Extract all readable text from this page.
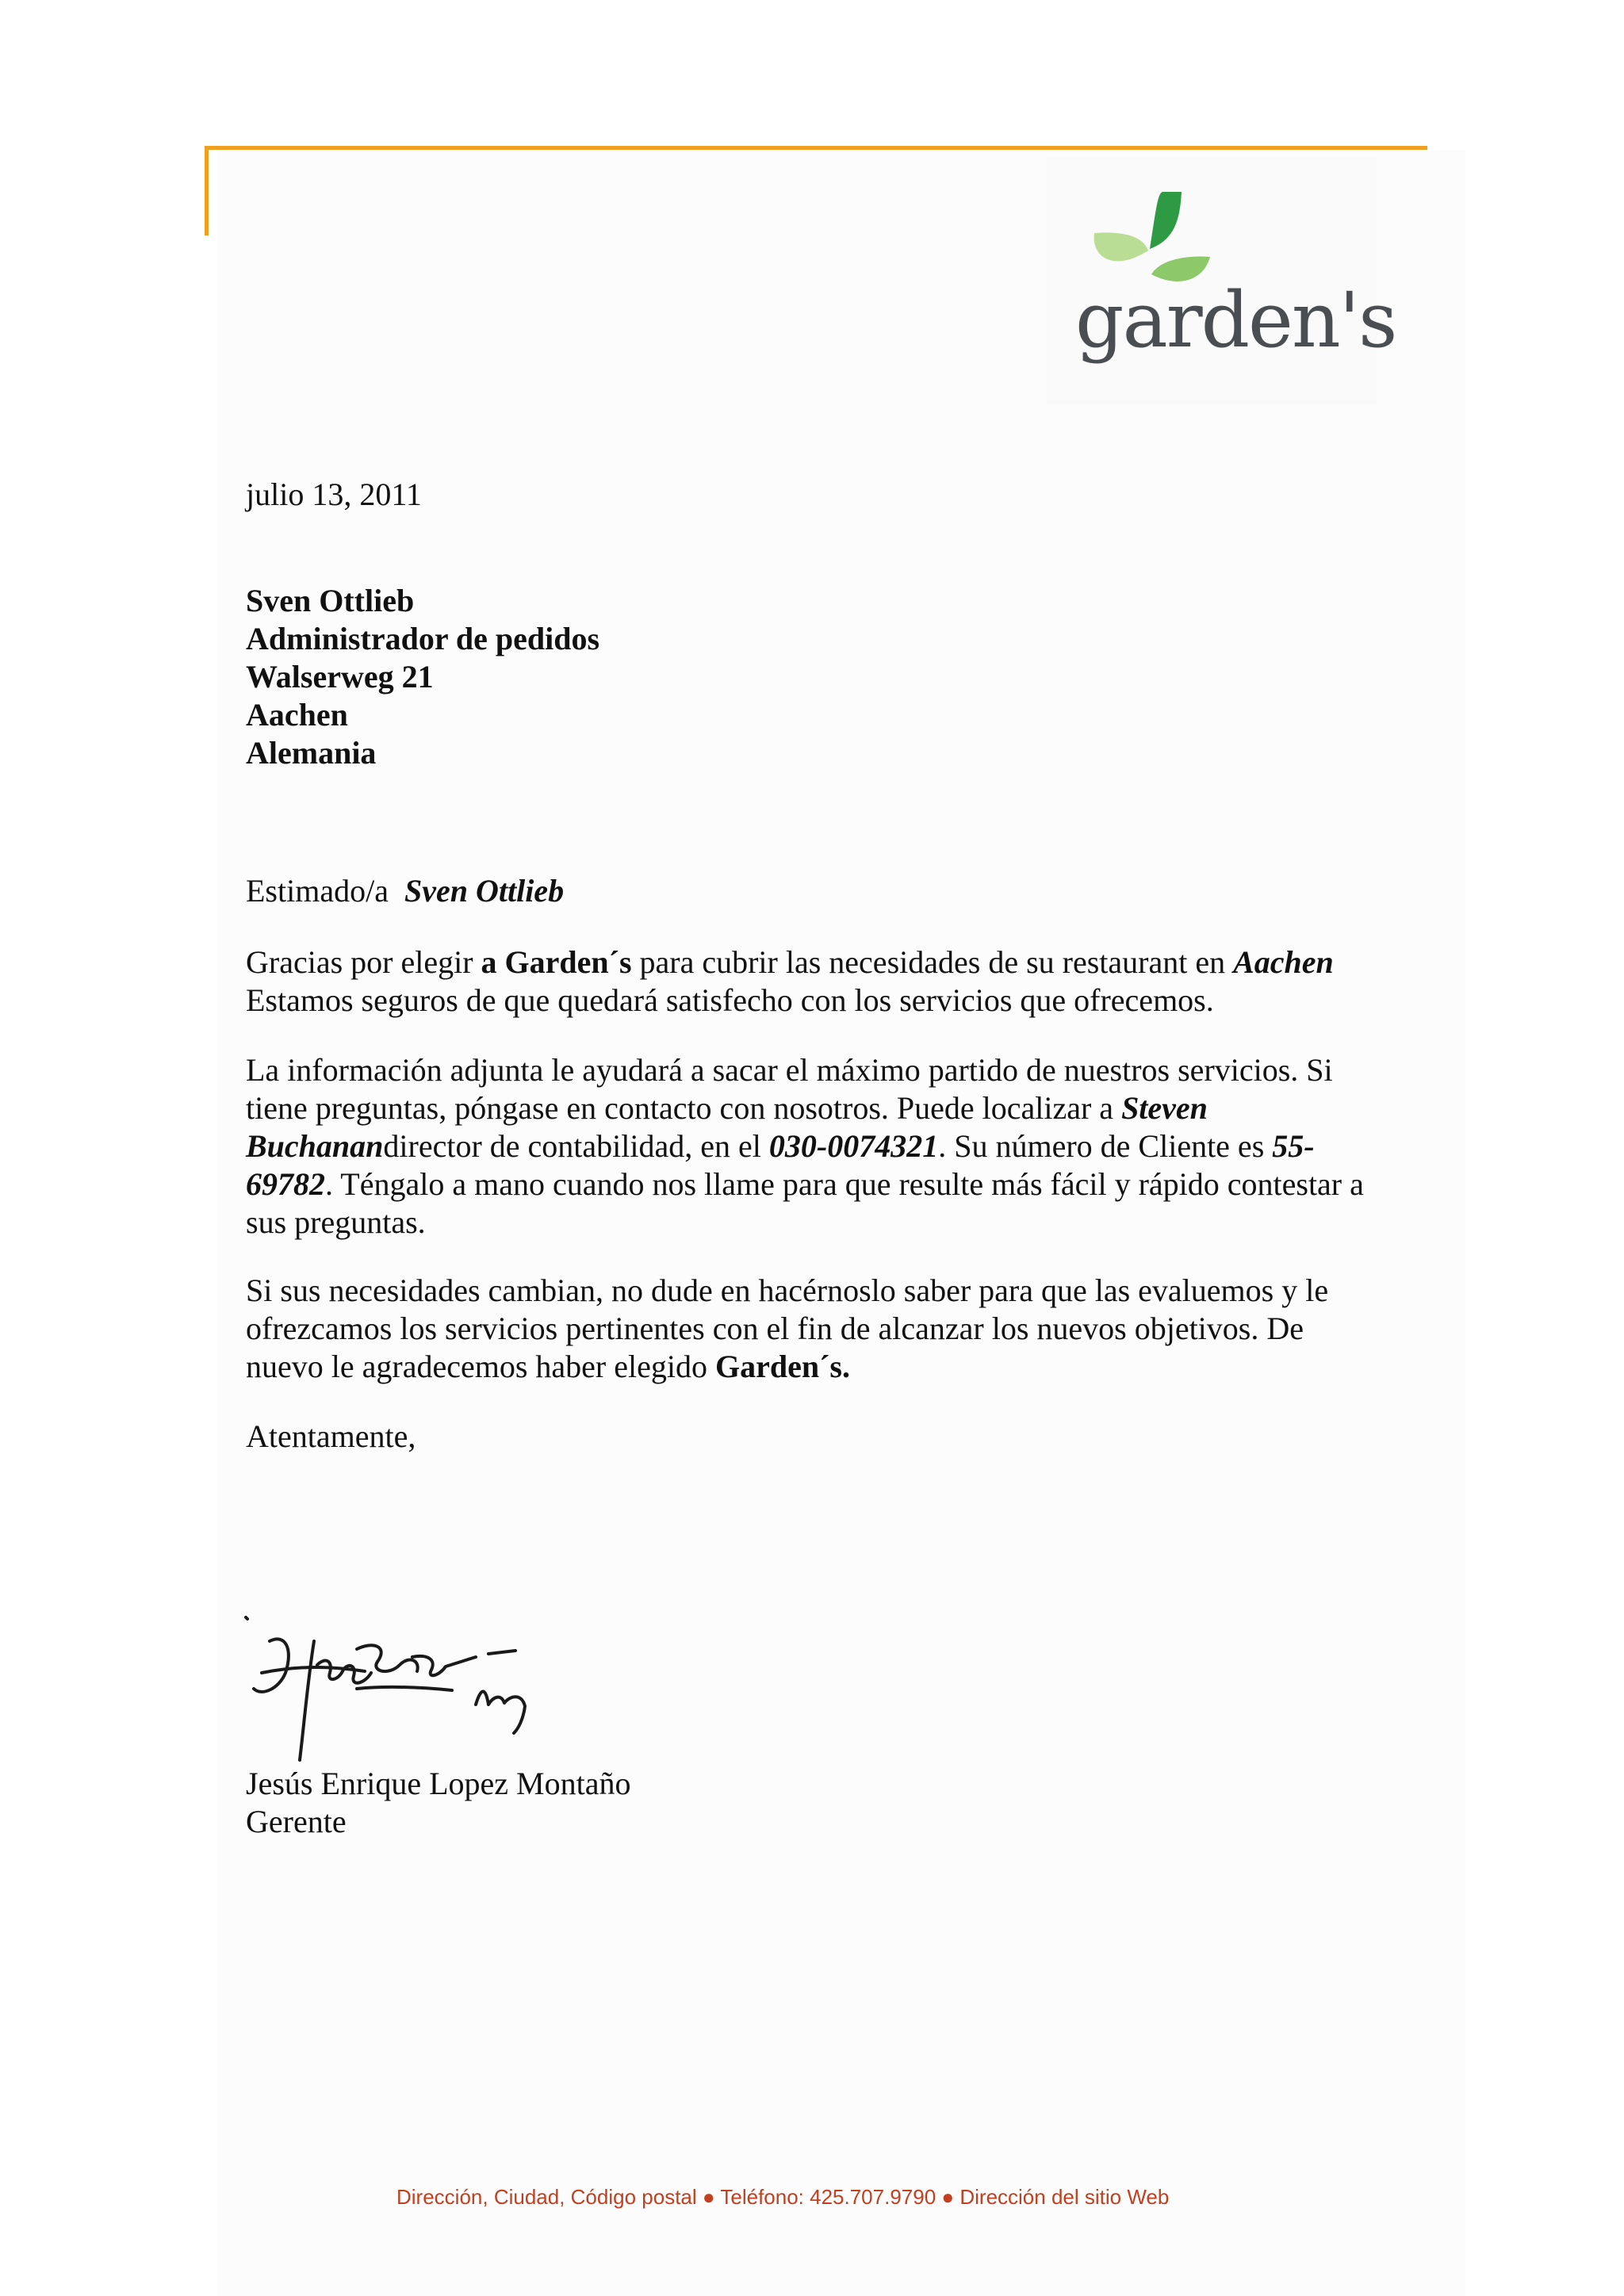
garden's
julio 13, 2011
Sven Ottlieb
Administrador de pedidos
Walserweg 21
Aachen
Alemania
Estimado/a Sven Ottlieb
Gracias por elegir a Garden´s para cubrir las necesidades de su restaurant en Aachen
Estamos seguros de que quedará satisfecho con los servicios que ofrecemos.
La información adjunta le ayudará a sacar el máximo partido de nuestros servicios. Si tiene preguntas, póngase en contacto con nosotros. Puede localizar a Steven Buchanandirector de contabilidad, en el 030-0074321. Su número de Cliente es 55-69782. Téngalo a mano cuando nos llame para que resulte más fácil y rápido contestar a sus preguntas.
Si sus necesidades cambian, no dude en hacérnoslo saber para que las evaluemos y le ofrezcamos los servicios pertinentes con el fin de alcanzar los nuevos objetivos. De nuevo le agradecemos haber elegido Garden´s.
Atentamente,
Jesús Enrique Lopez Montaño
Gerente
Dirección, Ciudad, Código postal ● Teléfono: 425.707.9790 ● Dirección del sitio Web
